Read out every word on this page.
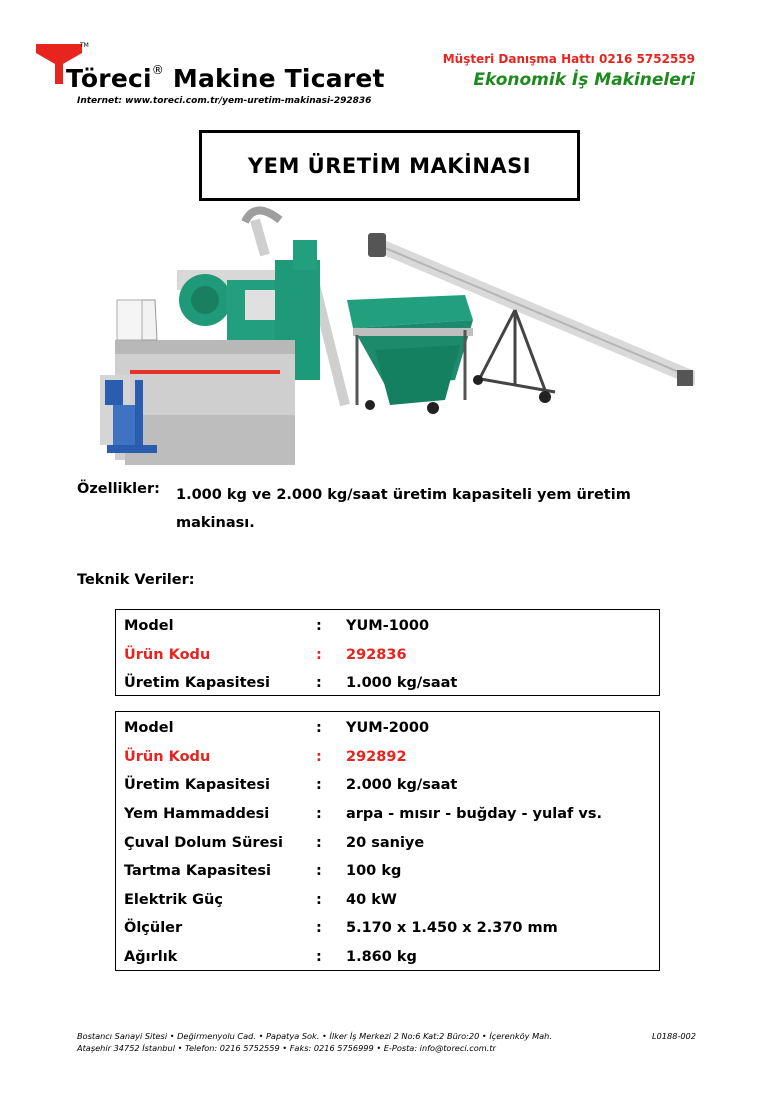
TM
Töreci® Makine Ticaret
Internet: www.toreci.com.tr/yem-uretim-makinasi-292836
Müşteri Danışma Hattı 0216 5752559
Ekonomik İş Makineleri
YEM ÜRETİM MAKİNASI
Özellikler: 1.000 kg ve 2.000 kg/saat üretim kapasiteli yem üretim makinası.
Teknik Veriler:
Model	:	YUM-1000
Ürün Kodu	:	292836
Üretim Kapasitesi	:	1.000 kg/saat
Model	:	YUM-2000
Ürün Kodu	:	292892
Üretim Kapasitesi	:	2.000 kg/saat
Yem Hammaddesi	:	arpa - mısır - buğday - yulaf vs.
Çuval Dolum Süresi	:	20 saniye
Tartma Kapasitesi	:	100 kg
Elektrik Güç	:	40 kW
Ölçüler	:	5.170 x 1.450 x 2.370 mm
Ağırlık	:	1.860 kg
Bostancı Sanayi Sitesi • Değirmenyolu Cad. • Papatya Sok. • İlker İş Merkezi 2 No:6 Kat:2 Büro:20 • İçerenköy Mah.
Ataşehir 34752 İstanbul • Telefon: 0216 5752559 • Faks: 0216 5756999 • E-Posta: info@toreci.com.tr
L0188-002
